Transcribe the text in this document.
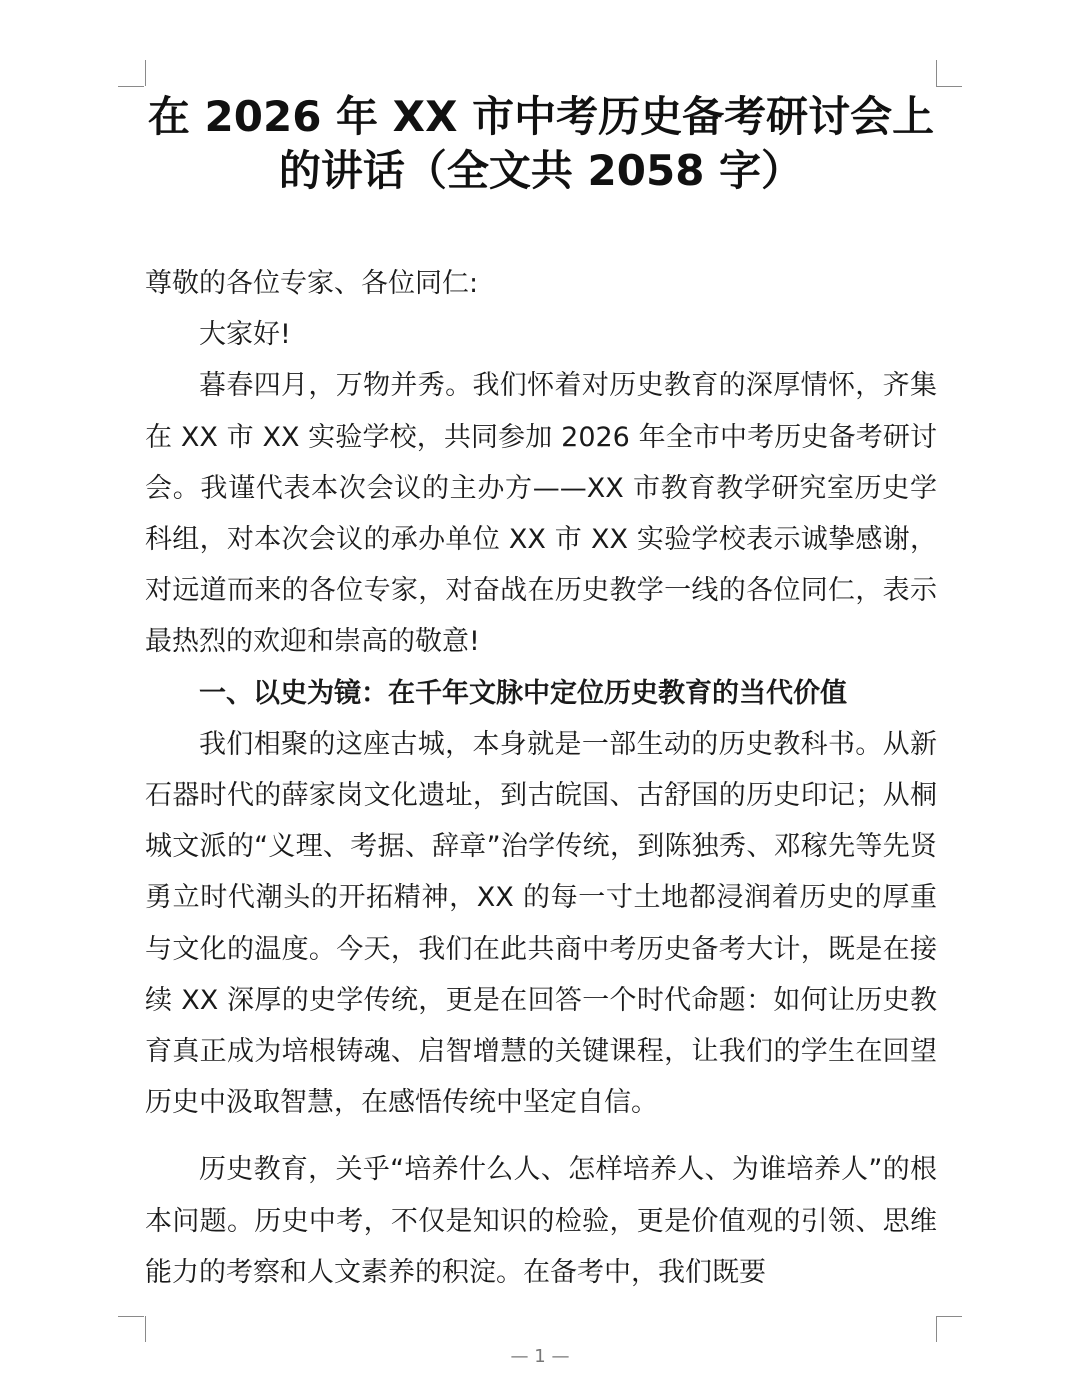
在 2026 年 XX 市中考历史备考研讨会上的讲话（全文共 2058 字）

尊敬的各位专家、各位同仁:

大家好!

暮春四月，万物并秀。我们怀着对历史教育的深厚情怀，齐集在 XX 市 XX 实验学校，共同参加 2026 年全市中考历史备考研讨会。我谨代表本次会议的主办方——XX 市教育教学研究室历史学科组，对本次会议的承办单位 XX 市 XX 实验学校表示诚挚感谢，对远道而来的各位专家，对奋战在历史教学一线的各位同仁，表示最热烈的欢迎和崇高的敬意!

一、以史为镜：在千年文脉中定位历史教育的当代价值

我们相聚的这座古城，本身就是一部生动的历史教科书。从新石器时代的薛家岗文化遗址，到古皖国、古舒国的历史印记；从桐城文派的“义理、考据、辞章”治学传统，到陈独秀、邓稼先等先贤勇立时代潮头的开拓精神，XX 的每一寸土地都浸润着历史的厚重与文化的温度。今天，我们在此共商中考历史备考大计，既是在接续 XX 深厚的史学传统，更是在回答一个时代命题：如何让历史教育真正成为培根铸魂、启智增慧的关键课程，让我们的学生在回望历史中汲取智慧，在感悟传统中坚定自信。

历史教育，关乎“培养什么人、怎样培养人、为谁培养人”的根本问题。历史中考，不仅是知识的检验，更是价值观的引领、思维能力的考察和人文素养的积淀。在备考中，我们既要

— 1 —
